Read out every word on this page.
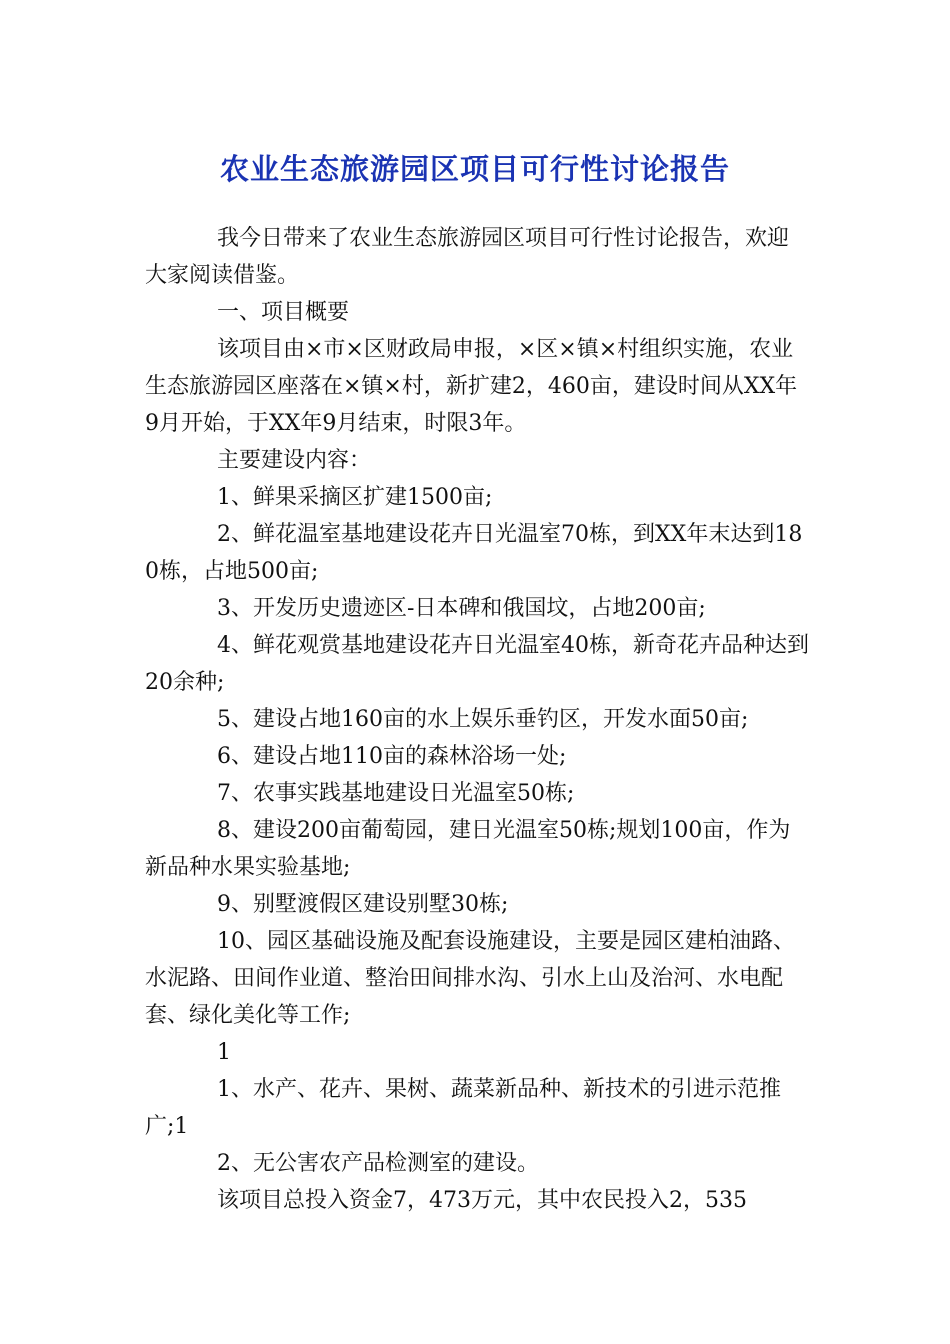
农业生态旅游园区项目可行性讨论报告

我今日带来了农业生态旅游园区项目可行性讨论报告，欢迎大家阅读借鉴。

一、项目概要

该项目由×市×区财政局申报，×区×镇×村组织实施，农业生态旅游园区座落在×镇×村，新扩建2，460亩，建设时间从XX年9月开始，于XX年9月结束，时限3年。

主要建设内容：

1、鲜果采摘区扩建1500亩;

2、鲜花温室基地建设花卉日光温室70栋，到XX年末达到180栋，占地500亩;

3、开发历史遗迹区-日本碑和俄国坟，占地200亩;

4、鲜花观赏基地建设花卉日光温室40栋，新奇花卉品种达到20余种;

5、建设占地160亩的水上娱乐垂钓区，开发水面50亩;

6、建设占地110亩的森林浴场一处;

7、农事实践基地建设日光温室50栋;

8、建设200亩葡萄园，建日光温室50栋;规划100亩，作为新品种水果实验基地;

9、别墅渡假区建设别墅30栋;

10、园区基础设施及配套设施建设，主要是园区建柏油路、水泥路、田间作业道、整治田间排水沟、引水上山及治河、水电配套、绿化美化等工作;

1

1、水产、花卉、果树、蔬菜新品种、新技术的引进示范推广;1

2、无公害农产品检测室的建设。

该项目总投入资金7，473万元，其中农民投入2，535
